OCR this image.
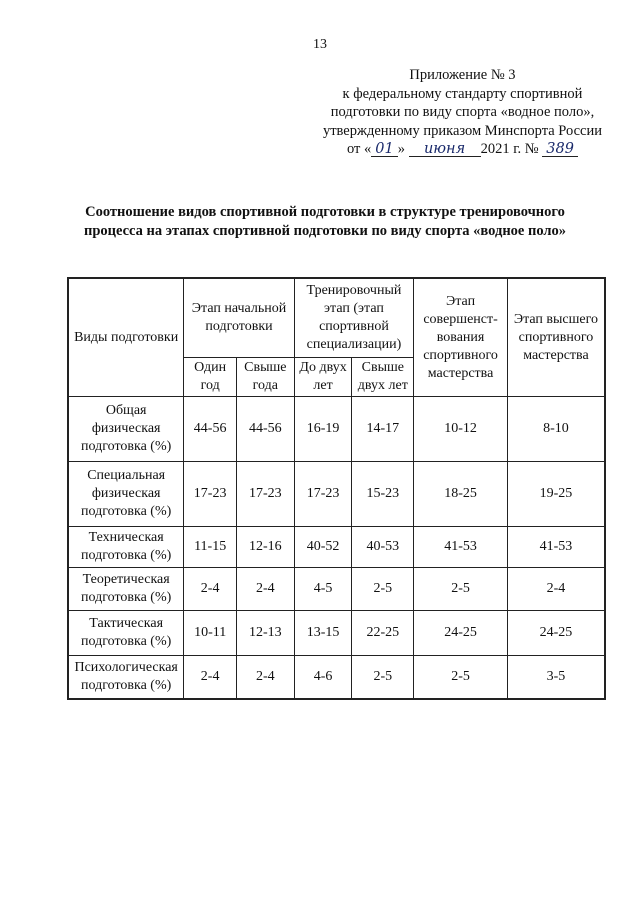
13
Приложение № 3
к федеральному стандарту спортивной
подготовки по виду спорта «водное поло»,
утвержденному приказом Минспорта России
от « 01 » июня 2021 г. № 389
Соотношение видов спортивной подготовки в структуре тренировочного
процесса на этапах спортивной подготовки по виду спорта «водное поло»
Виды подготовки	Этап начальной подготовки		Тренировочный этап (этап спортивной специализации)		Этап совершенст-вования спортивного мастерства	Этап высшего спортивного мастерства
	Один год	Свыше года	До двух лет	Свыше двух лет		
Общая физическая подготовка (%)	44-56	44-56	16-19	14-17	10-12	8-10
Специальная физическая подготовка (%)	17-23	17-23	17-23	15-23	18-25	19-25
Техническая подготовка (%)	11-15	12-16	40-52	40-53	41-53	41-53
Теоретическая подготовка (%)	2-4	2-4	4-5	2-5	2-5	2-4
Тактическая подготовка (%)	10-11	12-13	13-15	22-25	24-25	24-25
Психологическая подготовка (%)	2-4	2-4	4-6	2-5	2-5	3-5
